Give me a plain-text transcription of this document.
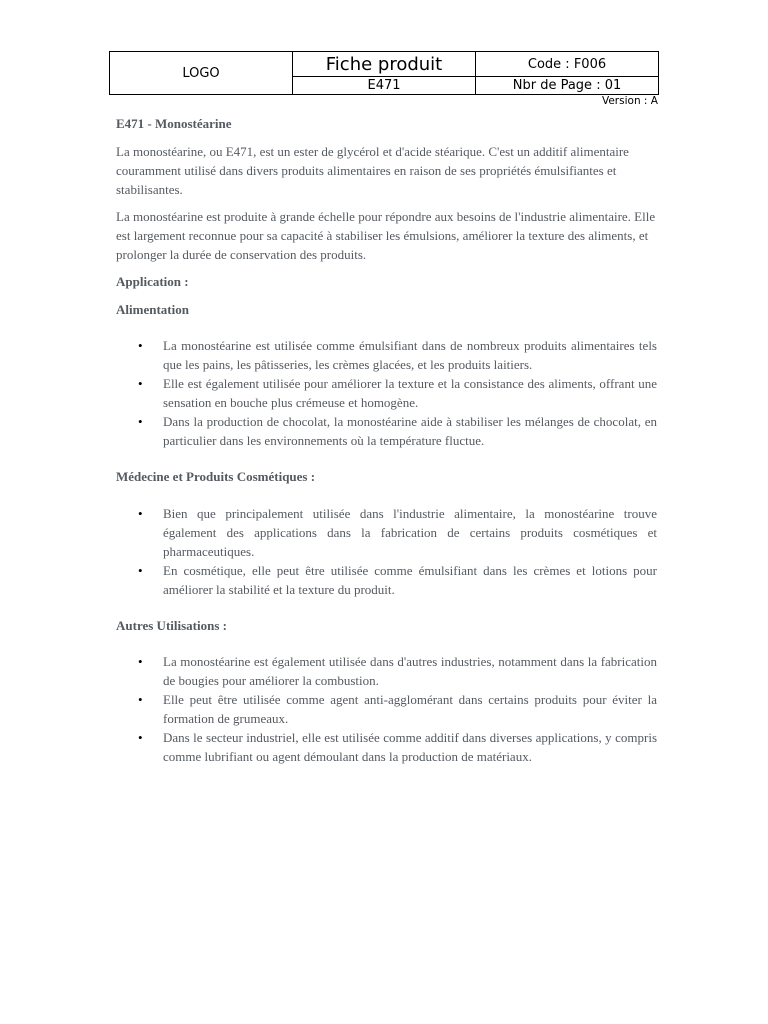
LOGO	Fiche produit	Code : F006
	E471	Nbr de Page : 01
Version : A
E471 - Monostéarine

La monostéarine, ou E471, est un ester de glycérol et d'acide stéarique. C'est un additif alimentaire couramment utilisé dans divers produits alimentaires en raison de ses propriétés émulsifiantes et stabilisantes.

La monostéarine est produite à grande échelle pour répondre aux besoins de l'industrie alimentaire. Elle est largement reconnue pour sa capacité à stabiliser les émulsions, améliorer la texture des aliments, et prolonger la durée de conservation des produits.

Application :
Alimentation
• La monostéarine est utilisée comme émulsifiant dans de nombreux produits alimentaires tels que les pains, les pâtisseries, les crèmes glacées, et les produits laitiers.
• Elle est également utilisée pour améliorer la texture et la consistance des aliments, offrant une sensation en bouche plus crémeuse et homogène.
• Dans la production de chocolat, la monostéarine aide à stabiliser les mélanges de chocolat, en particulier dans les environnements où la température fluctue.
Médecine et Produits Cosmétiques :
• Bien que principalement utilisée dans l'industrie alimentaire, la monostéarine trouve également des applications dans la fabrication de certains produits cosmétiques et pharmaceutiques.
• En cosmétique, elle peut être utilisée comme émulsifiant dans les crèmes et lotions pour améliorer la stabilité et la texture du produit.
Autres Utilisations :
• La monostéarine est également utilisée dans d'autres industries, notamment dans la fabrication de bougies pour améliorer la combustion.
• Elle peut être utilisée comme agent anti-agglomérant dans certains produits pour éviter la formation de grumeaux.
• Dans le secteur industriel, elle est utilisée comme additif dans diverses applications, y compris comme lubrifiant ou agent démoulant dans la production de matériaux.
